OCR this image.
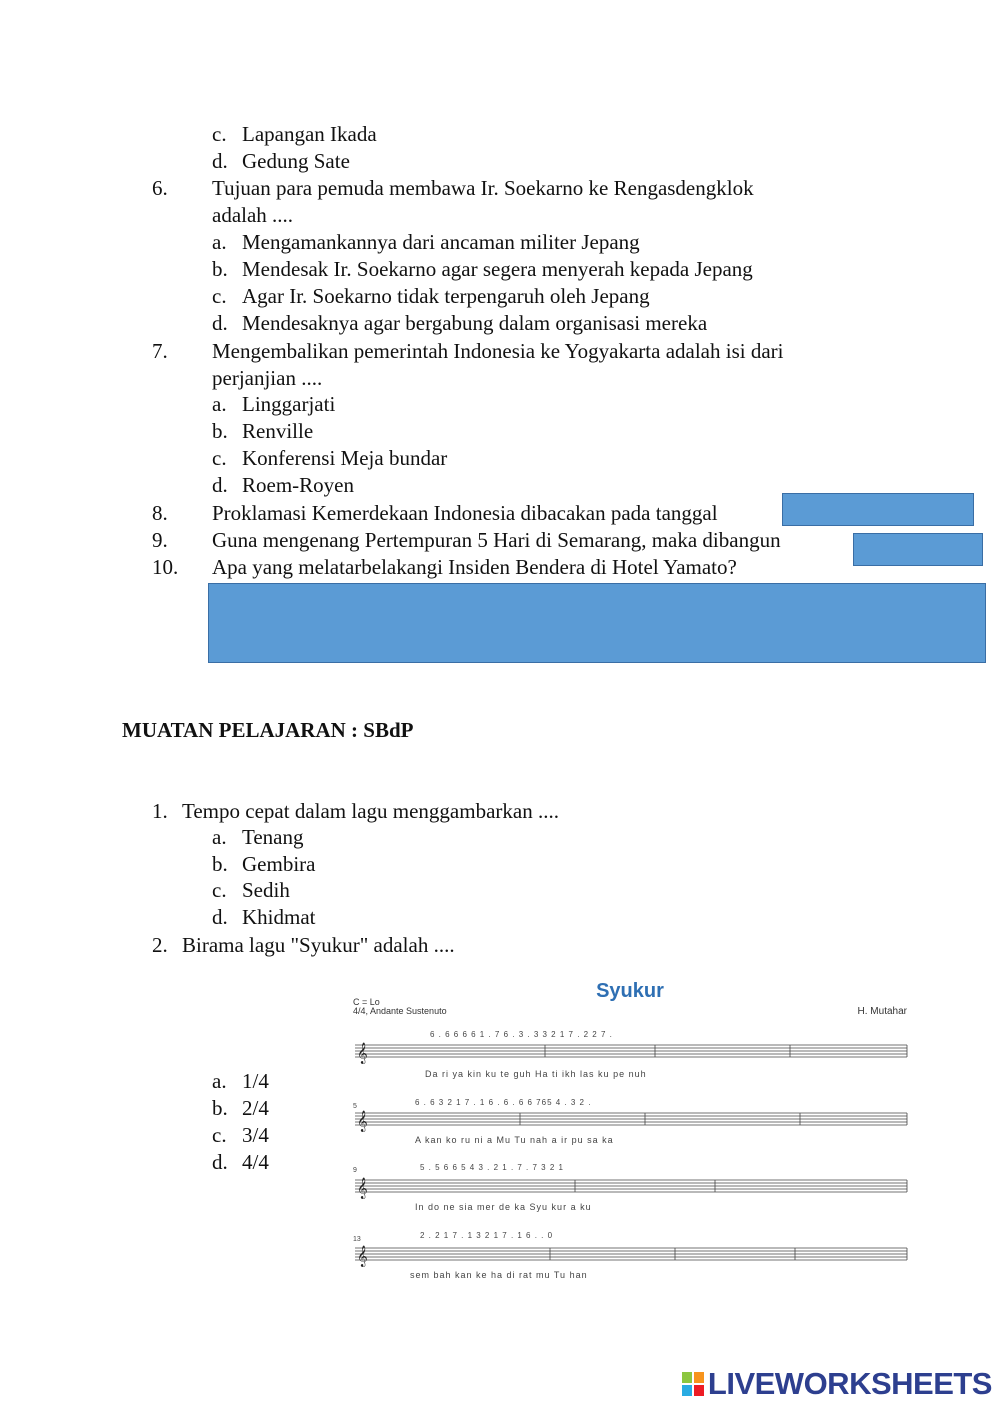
c. Lapangan Ikada
d. Gedung Sate
6. Tujuan para pemuda membawa Ir. Soekarno ke Rengasdengklok
adalah ....
a. Mengamankannya dari ancaman militer Jepang
b. Mendesak Ir. Soekarno agar segera menyerah kepada Jepang
c. Agar Ir. Soekarno tidak terpengaruh oleh Jepang
d. Mendesaknya agar bergabung dalam organisasi mereka
7. Mengembalikan pemerintah Indonesia ke Yogyakarta adalah isi dari
perjanjian ....
a. Linggarjati
b. Renville
c. Konferensi Meja bundar
d. Roem-Royen
8. Proklamasi Kemerdekaan Indonesia dibacakan pada tanggal
9. Guna mengenang Pertempuran 5 Hari di Semarang, maka dibangun
10. Apa yang melatarbelakangi Insiden Bendera di Hotel Yamato?
MUATAN PELAJARAN : SBdP
1. Tempo cepat dalam lagu menggambarkan ....
a. Tenang
b. Gembira
c. Sedih
d. Khidmat
2. Birama lagu "Syukur" adalah ....
a. 1/4
b. 2/4
c. 3/4
d. 4/4
Syukur
C = Lo
4/4, Andante Sustenuto	H. Mutahar
6 . 6 6 6 6 1 . 7 6 . 3 . 3 3 2 1 7 . 2 2 7 .
𝄞
Da ri ya kin ku te guh Ha ti ikh las ku pe nuh
5	6 . 6 3 2 1 7 . 1 6 . 6 . 6 6 765 4 . 3 2 .
𝄞
A kan ko ru ni a Mu Tu nah a ir pu sa ka
9	5 . 5 6 6 5 4 3 . 2 1 . 7 . 7 3 2 1
𝄞
In do ne sia mer de ka Syu kur a ku
13	2 . 2 1 7 . 1 3 2 1 7 . 1 6 . . 0
𝄞
sem bah kan ke ha di rat mu Tu han
LIVEWORKSHEETS
